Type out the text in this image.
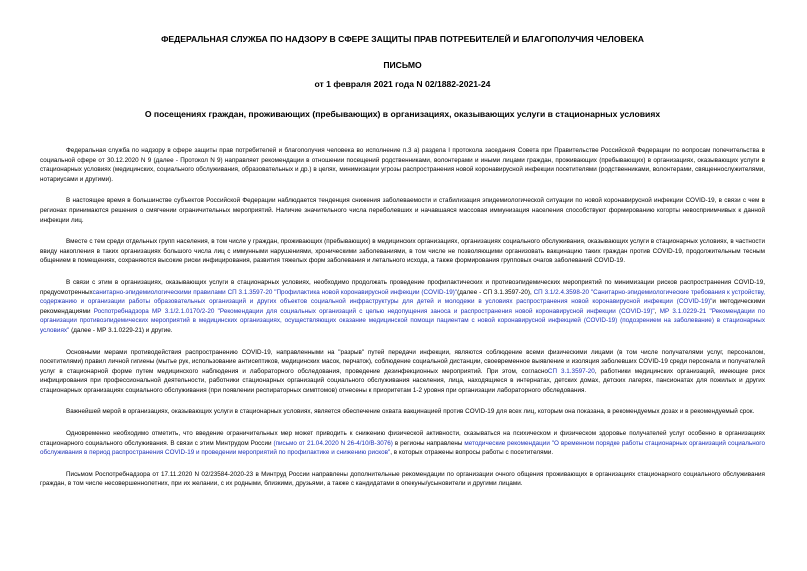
ФЕДЕРАЛЬНАЯ СЛУЖБА ПО НАДЗОРУ В СФЕРЕ ЗАЩИТЫ ПРАВ ПОТРЕБИТЕЛЕЙ И БЛАГОПОЛУЧИЯ ЧЕЛОВЕКА
ПИСЬМО
от 1 февраля 2021 года N 02/1882-2021-24
О посещениях граждан, проживающих (пребывающих) в организациях, оказывающих услуги в стационарных условиях

Федеральная служба по надзору в сфере защиты прав потребителей и благополучия человека во исполнение п.3 а) раздела I протокола заседания Совета при Правительстве Российской Федерации по вопросам попечительства в социальной сфере от 30.12.2020 N 9 (далее - Протокол N 9) направляет рекомендации в отношении посещений родственниками, волонтерами и иными лицами граждан, проживающих (пребывающих) в организациях, оказывающих услуги в стационарных условиях (медицинских, социального обслуживания, образовательных и др.) в целях, минимизации угрозы распространения новой коронавирусной инфекции посетителями (родственниками, волонтерами, священнослужителями, нотариусами и другими).

В настоящее время в большинстве субъектов Российской Федерации наблюдается тенденция снижения заболеваемости и стабилизация эпидемиологической ситуации по новой коронавирусной инфекции COVID-19, в связи с чем в регионах принимаются решения о смягчении ограничительных мероприятий. Наличие значительного числа переболевших и начавшаяся массовая иммунизация населения способствуют формированию когорты невосприимчивых к данной инфекции лиц.

Вместе с тем среди отдельных групп населения, в том числе у граждан, проживающих (пребывающих) в медицинских организациях, организациях социального обслуживания, оказывающих услуги в стационарных условиях, в частности ввиду накопления в таких организациях большого числа лиц с иммунными нарушениями, хроническими заболеваниями, в том числе не позволяющими организовать вакцинацию таких граждан против COVID-19, продолжительным тесным общением в помещениях, сохраняются высокие риски инфицирования, развития тяжелых форм заболевания и летального исхода, а также формирования групповых очагов заболеваний COVID-19.

В связи с этим в организациях, оказывающих услуги в стационарных условиях, необходимо продолжать проведение профилактических и противоэпидемических мероприятий по минимизации рисков распространения COVID-19, предусмотренныхсанитарно-эпидемиологическими правилами СП 3.1.3597-20 "Профилактика новой коронавирусной инфекции (COVID-19)"(далее - СП 3.1.3597-20), СП 3.1/2.4.3598-20 "Санитарно-эпидемиологические требования к устройству, содержанию и организации работы образовательных организаций и других объектов социальной инфраструктуры для детей и молодежи в условиях распространения новой коронавирусной инфекции (COVID-19)"и методическими рекомендациями Роспотребнадзора МР 3.1/2.1.0170/2-20 "Рекомендации для социальных организаций с целью недопущения заноса и распространения новой коронавирусной инфекции (COVID-19)", МР 3.1.0229-21 "Рекомендации по организации противоэпидемических мероприятий в медицинских организациях, осуществляющих оказание медицинской помощи пациентам с новой коронавирусной инфекцией (COVID-19) (подозрением на заболевание) в стационарных условиях" (далее - МР 3.1.0229-21) и другие.

Основными мерами противодействия распространению COVID-19, направленными на "разрыв" путей передачи инфекции, являются соблюдение всеми физическими лицами (в том числе получателями услуг, персоналом, посетителями) правил личной гигиены (мытье рук, использование антисептиков, медицинских масок, перчаток), соблюдение социальной дистанции, своевременное выявление и изоляция заболевших COVID-19 среди персонала и получателей услуг в стационарной форме путем медицинского наблюдения и лабораторного обследования, проведение дезинфекционных мероприятий. При этом, согласноСП 3.1.3597-20, работники медицинских организаций, имеющие риск инфицирования при профессиональной деятельности, работники стационарных организаций социального обслуживания населения, лица, находящиеся в интернатах, детских домах, детских лагерях, пансионатах для пожилых и других стационарных организациях социального обслуживания (при появлении респираторных симптомов) отнесены к приоритетам 1-2 уровня при организации лабораторного обследования.

Важнейшей мерой в организациях, оказывающих услуги в стационарных условиях, является обеспечение охвата вакцинацией против COVID-19 для всех лиц, которым она показана, в рекомендуемых дозах и в рекомендуемый срок.

Одновременно необходимо отметить, что введение ограничительных мер может приводить к снижению физической активности, сказываться на психическом и физическом здоровье получателей услуг особенно в организациях стационарного социального обслуживания. В связи с этим Минтрудом России (письмо от 21.04.2020 N 26-4/10/В-3076) в регионы направлены методические рекомендации "О временном порядке работы стационарных организаций социального обслуживания в период распространения COVID-19 и проведении мероприятий по профилактике и снижению рисков", в которых отражены вопросы работы с посетителями.

Письмом Роспотребнадзора от 17.11.2020 N 02/23584-2020-23 в Минтруд России направлены дополнительные рекомендации по организации очного общения проживающих в организациях стационарного социального обслуживания граждан, в том числе несовершеннолетних, при их желании, с их родными, близкими, друзьями, а также с кандидатами в опекуны/усыновители и другими лицами.
